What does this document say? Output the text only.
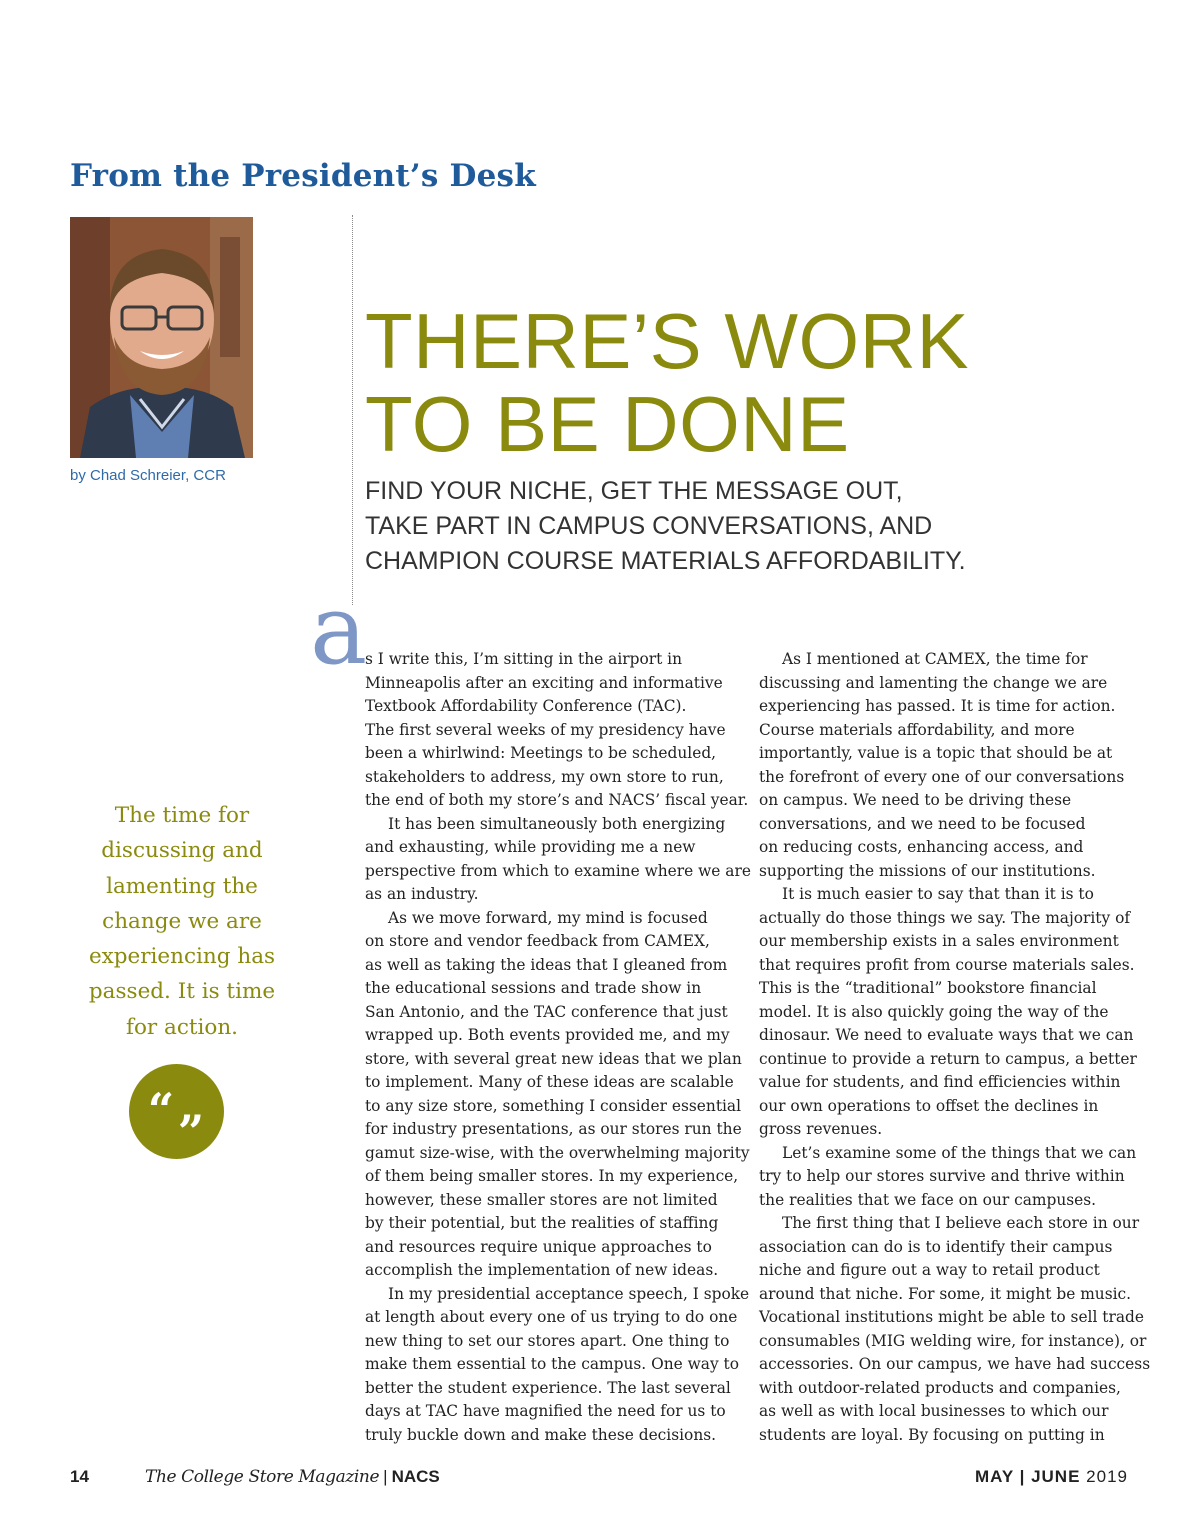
From the President’s Desk
by Chad Schreier, CCR
THERE’S WORK
TO BE DONE
FIND YOUR NICHE, GET THE MESSAGE OUT,
TAKE PART IN CAMPUS CONVERSATIONS, AND
CHAMPION COURSE MATERIALS AFFORDABILITY.
The time for
discussing and
lamenting the
change we are
experiencing has
passed. It is time
for action.
“ ”
a
s I write this, I’m sitting in the airport in
Minneapolis after an exciting and informative
Textbook Affordability Conference (TAC).
The first several weeks of my presidency have
been a whirlwind: Meetings to be scheduled,
stakeholders to address, my own store to run,
the end of both my store’s and NACS’ fiscal year.
It has been simultaneously both energizing
and exhausting, while providing me a new
perspective from which to examine where we are
as an industry.
As we move forward, my mind is focused
on store and vendor feedback from CAMEX,
as well as taking the ideas that I gleaned from
the educational sessions and trade show in
San Antonio, and the TAC conference that just
wrapped up. Both events provided me, and my
store, with several great new ideas that we plan
to implement. Many of these ideas are scalable
to any size store, something I consider essential
for industry presentations, as our stores run the
gamut size-wise, with the overwhelming majority
of them being smaller stores. In my experience,
however, these smaller stores are not limited
by their potential, but the realities of staffing
and resources require unique approaches to
accomplish the implementation of new ideas.
In my presidential acceptance speech, I spoke
at length about every one of us trying to do one
new thing to set our stores apart. One thing to
make them essential to the campus. One way to
better the student experience. The last several
days at TAC have magnified the need for us to
truly buckle down and make these decisions.
As I mentioned at CAMEX, the time for
discussing and lamenting the change we are
experiencing has passed. It is time for action.
Course materials affordability, and more
importantly, value is a topic that should be at
the forefront of every one of our conversations
on campus. We need to be driving these
conversations, and we need to be focused
on reducing costs, enhancing access, and
supporting the missions of our institutions.
It is much easier to say that than it is to
actually do those things we say. The majority of
our membership exists in a sales environment
that requires profit from course materials sales.
This is the “traditional” bookstore financial
model. It is also quickly going the way of the
dinosaur. We need to evaluate ways that we can
continue to provide a return to campus, a better
value for students, and find efficiencies within
our own operations to offset the declines in
gross revenues.
Let’s examine some of the things that we can
try to help our stores survive and thrive within
the realities that we face on our campuses.
The first thing that I believe each store in our
association can do is to identify their campus
niche and figure out a way to retail product
around that niche. For some, it might be music.
Vocational institutions might be able to sell trade
consumables (MIG welding wire, for instance), or
accessories. On our campus, we have had success
with outdoor-related products and companies,
as well as with local businesses to which our
students are loyal. By focusing on putting in
14	The College Store Magazine | NACS	MAY | JUNE 2019
